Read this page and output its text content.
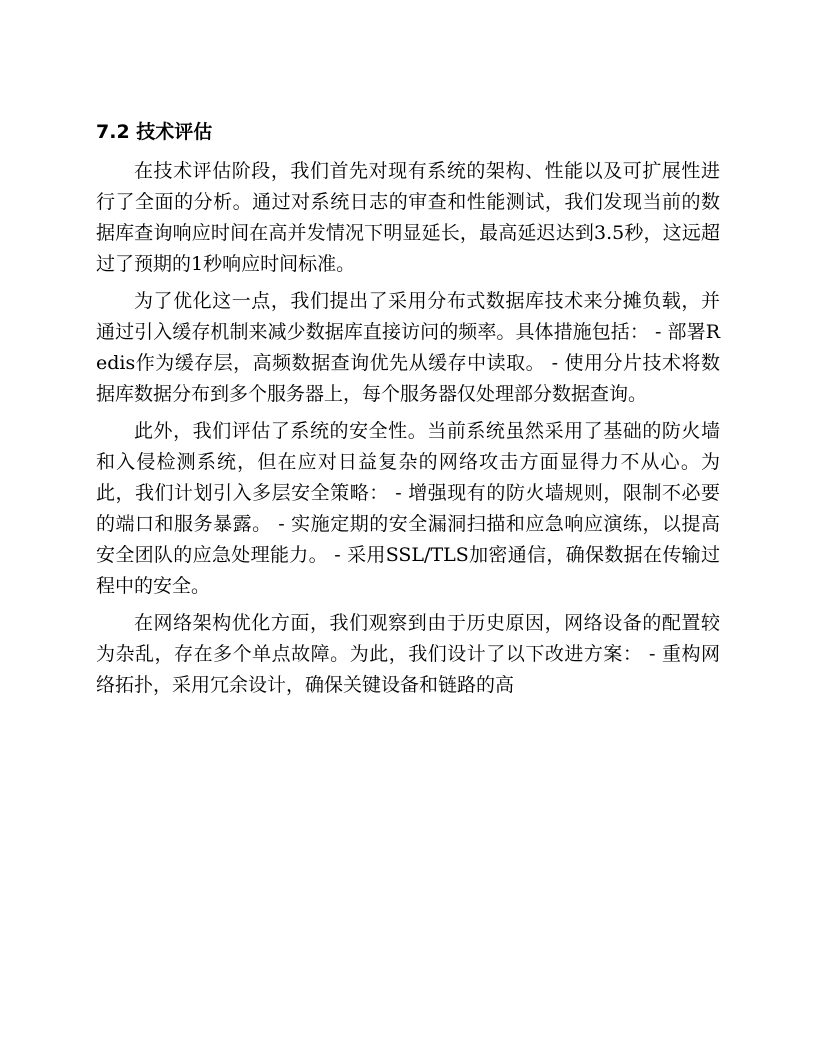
7.2 技术评估

在技术评估阶段，我们首先对现有系统的架构、性能以及可扩展性进行了全面的分析。通过对系统日志的审查和性能测试，我们发现当前的数据库查询响应时间在高并发情况下明显延长，最高延迟达到3.5秒，这远超过了预期的1秒响应时间标准。

为了优化这一点，我们提出了采用分布式数据库技术来分摊负载，并通过引入缓存机制来减少数据库直接访问的频率。具体措施包括： - 部署Redis作为缓存层，高频数据查询优先从缓存中读取。 - 使用分片技术将数据库数据分布到多个服务器上，每个服务器仅处理部分数据查询。

此外，我们评估了系统的安全性。当前系统虽然采用了基础的防火墙和入侵检测系统，但在应对日益复杂的网络攻击方面显得力不从心。为此，我们计划引入多层安全策略： - 增强现有的防火墙规则，限制不必要的端口和服务暴露。 - 实施定期的安全漏洞扫描和应急响应演练，以提高安全团队的应急处理能力。 - 采用SSL/TLS加密通信，确保数据在传输过程中的安全。

在网络架构优化方面，我们观察到由于历史原因，网络设备的配置较为杂乱，存在多个单点故障。为此，我们设计了以下改进方案： - 重构网络拓扑，采用冗余设计，确保关键设备和链路的高
